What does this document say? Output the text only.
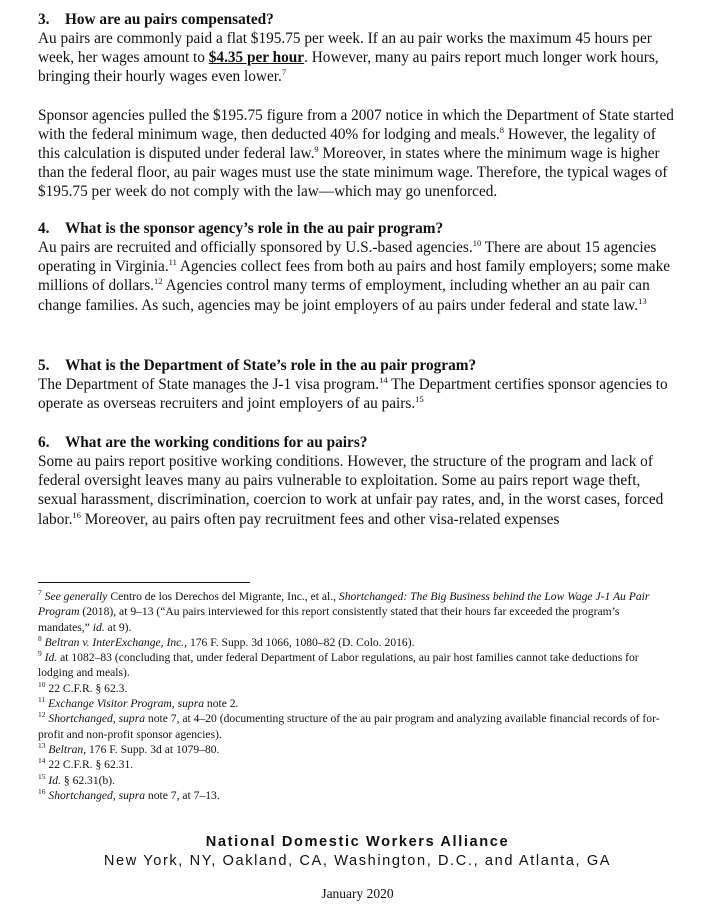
3. How are au pairs compensated?

Au pairs are commonly paid a flat $195.75 per week. If an au pair works the maximum 45 hours per week, her wages amount to $4.35 per hour. However, many au pairs report much longer work hours, bringing their hourly wages even lower.$^7$

Sponsor agencies pulled the $195.75 figure from a 2007 notice in which the Department of State started with the federal minimum wage, then deducted 40% for lodging and meals.$^8$ However, the legality of this calculation is disputed under federal law.$^9$ Moreover, in states where the minimum wage is higher than the federal floor, au pair wages must use the state minimum wage. Therefore, the typical wages of $195.75 per week do not comply with the law—which may go unenforced.

4. What is the sponsor agency’s role in the au pair program?

Au pairs are recruited and officially sponsored by U.S.-based agencies.$^{10}$ There are about 15 agencies operating in Virginia.$^{11}$ Agencies collect fees from both au pairs and host family employers; some make millions of dollars.$^{12}$ Agencies control many terms of employment, including whether an au pair can change families. As such, agencies may be joint employers of au pairs under federal and state law.$^{13}$

5. What is the Department of State’s role in the au pair program?

The Department of State manages the J-1 visa program.$^{14}$ The Department certifies sponsor agencies to operate as overseas recruiters and joint employers of au pairs.$^{15}$

6. What are the working conditions for au pairs?

Some au pairs report positive working conditions. However, the structure of the program and lack of federal oversight leaves many au pairs vulnerable to exploitation. Some au pairs report wage theft, sexual harassment, discrimination, coercion to work at unfair pay rates, and, in the worst cases, forced labor.$^{16}$ Moreover, au pairs often pay recruitment fees and other visa-related expenses

$^7$ See generally Centro de los Derechos del Migrante, Inc., et al., Shortchanged: The Big Business behind the Low Wage J-1 Au Pair Program (2018), at 9–13 (“Au pairs interviewed for this report consistently stated that their hours far exceeded the program’s mandates,” id. at 9).

$^8$ Beltran v. InterExchange, Inc., 176 F. Supp. 3d 1066, 1080–82 (D. Colo. 2016).

$^9$ Id. at 1082–83 (concluding that, under federal Department of Labor regulations, au pair host families cannot take deductions for lodging and meals).

$^{10}$ 22 C.F.R. § 62.3.

$^{11}$ Exchange Visitor Program, supra note 2.

$^{12}$ Shortchanged, supra note 7, at 4–20 (documenting structure of the au pair program and analyzing available financial records of for-profit and non-profit sponsor agencies).

$^{13}$ Beltran, 176 F. Supp. 3d at 1079–80.

$^{14}$ 22 C.F.R. § 62.31.

$^{15}$ Id. § 62.31(b).

$^{16}$ Shortchanged, supra note 7, at 7–13.

National Domestic Workers Alliance
New York, NY, Oakland, CA, Washington, D.C., and Atlanta, GA
January 2020
